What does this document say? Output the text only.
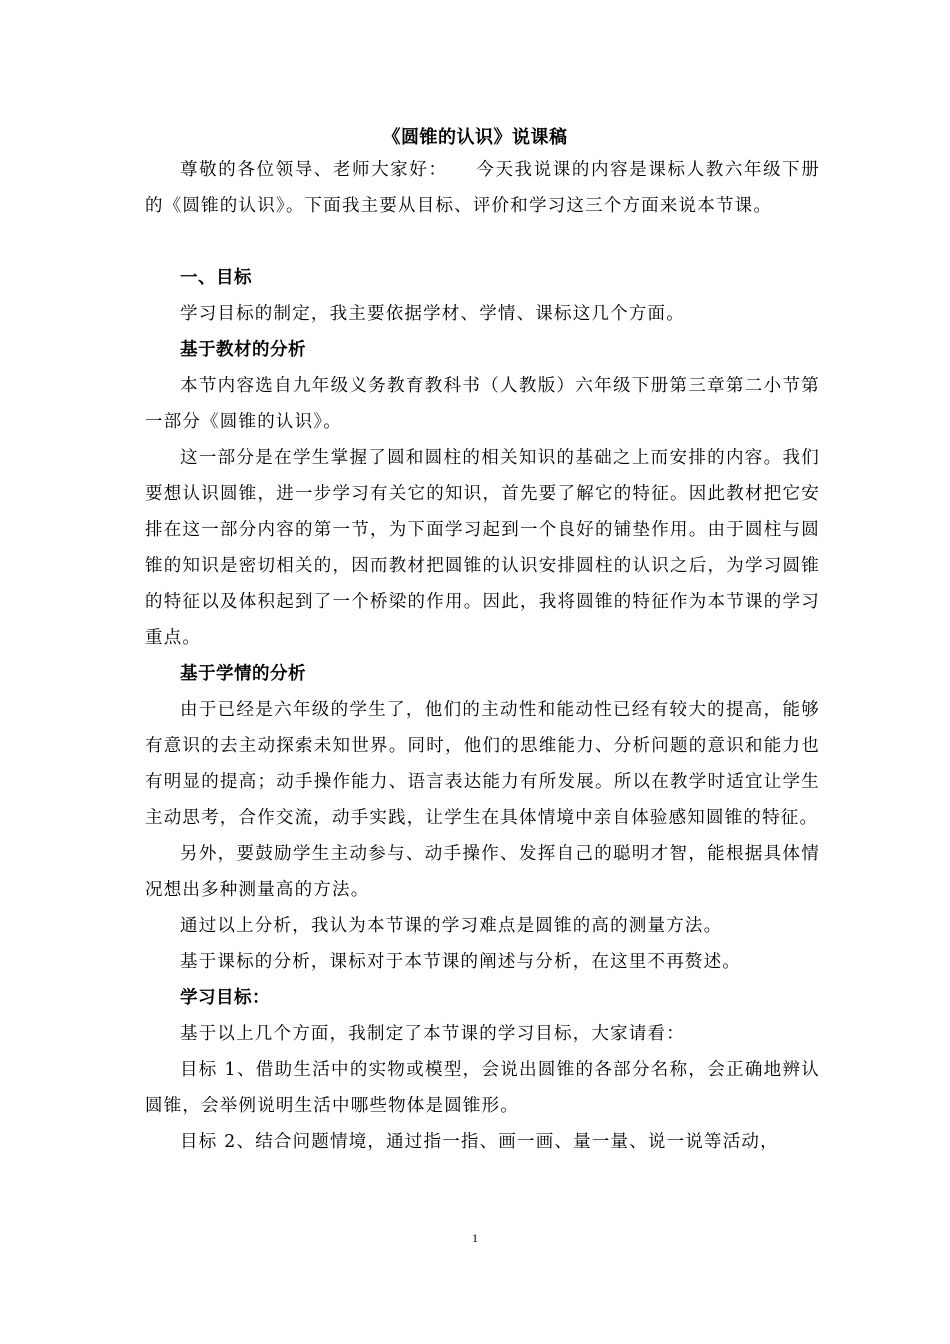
《圆锥的认识》说课稿

尊敬的各位领导、老师大家好：    今天我说课的内容是课标人教六年级下册的《圆锥的认识》。下面我主要从目标、评价和学习这三个方面来说本节课。

一、目标

学习目标的制定，我主要依据学材、学情、课标这几个方面。

基于教材的分析

本节内容选自九年级义务教育教科书（人教版）六年级下册第三章第二小节第一部分《圆锥的认识》。

这一部分是在学生掌握了圆和圆柱的相关知识的基础之上而安排的内容。我们要想认识圆锥，进一步学习有关它的知识，首先要了解它的特征。因此教材把它安排在这一部分内容的第一节，为下面学习起到一个良好的铺垫作用。由于圆柱与圆锥的知识是密切相关的，因而教材把圆锥的认识安排圆柱的认识之后，为学习圆锥的特征以及体积起到了一个桥梁的作用。因此，我将圆锥的特征作为本节课的学习重点。

基于学情的分析

由于已经是六年级的学生了，他们的主动性和能动性已经有较大的提高，能够有意识的去主动探索未知世界。同时，他们的思维能力、分析问题的意识和能力也有明显的提高；动手操作能力、语言表达能力有所发展。所以在教学时适宜让学生主动思考，合作交流，动手实践，让学生在具体情境中亲自体验感知圆锥的特征。

另外，要鼓励学生主动参与、动手操作、发挥自己的聪明才智，能根据具体情况想出多种测量高的方法。

通过以上分析，我认为本节课的学习难点是圆锥的高的测量方法。

基于课标的分析，课标对于本节课的阐述与分析，在这里不再赘述。

学习目标：

基于以上几个方面，我制定了本节课的学习目标，大家请看：

目标 1、借助生活中的实物或模型，会说出圆锥的各部分名称，会正确地辨认圆锥，会举例说明生活中哪些物体是圆锥形。

目标 2、结合问题情境，通过指一指、画一画、量一量、说一说等活动，

1
